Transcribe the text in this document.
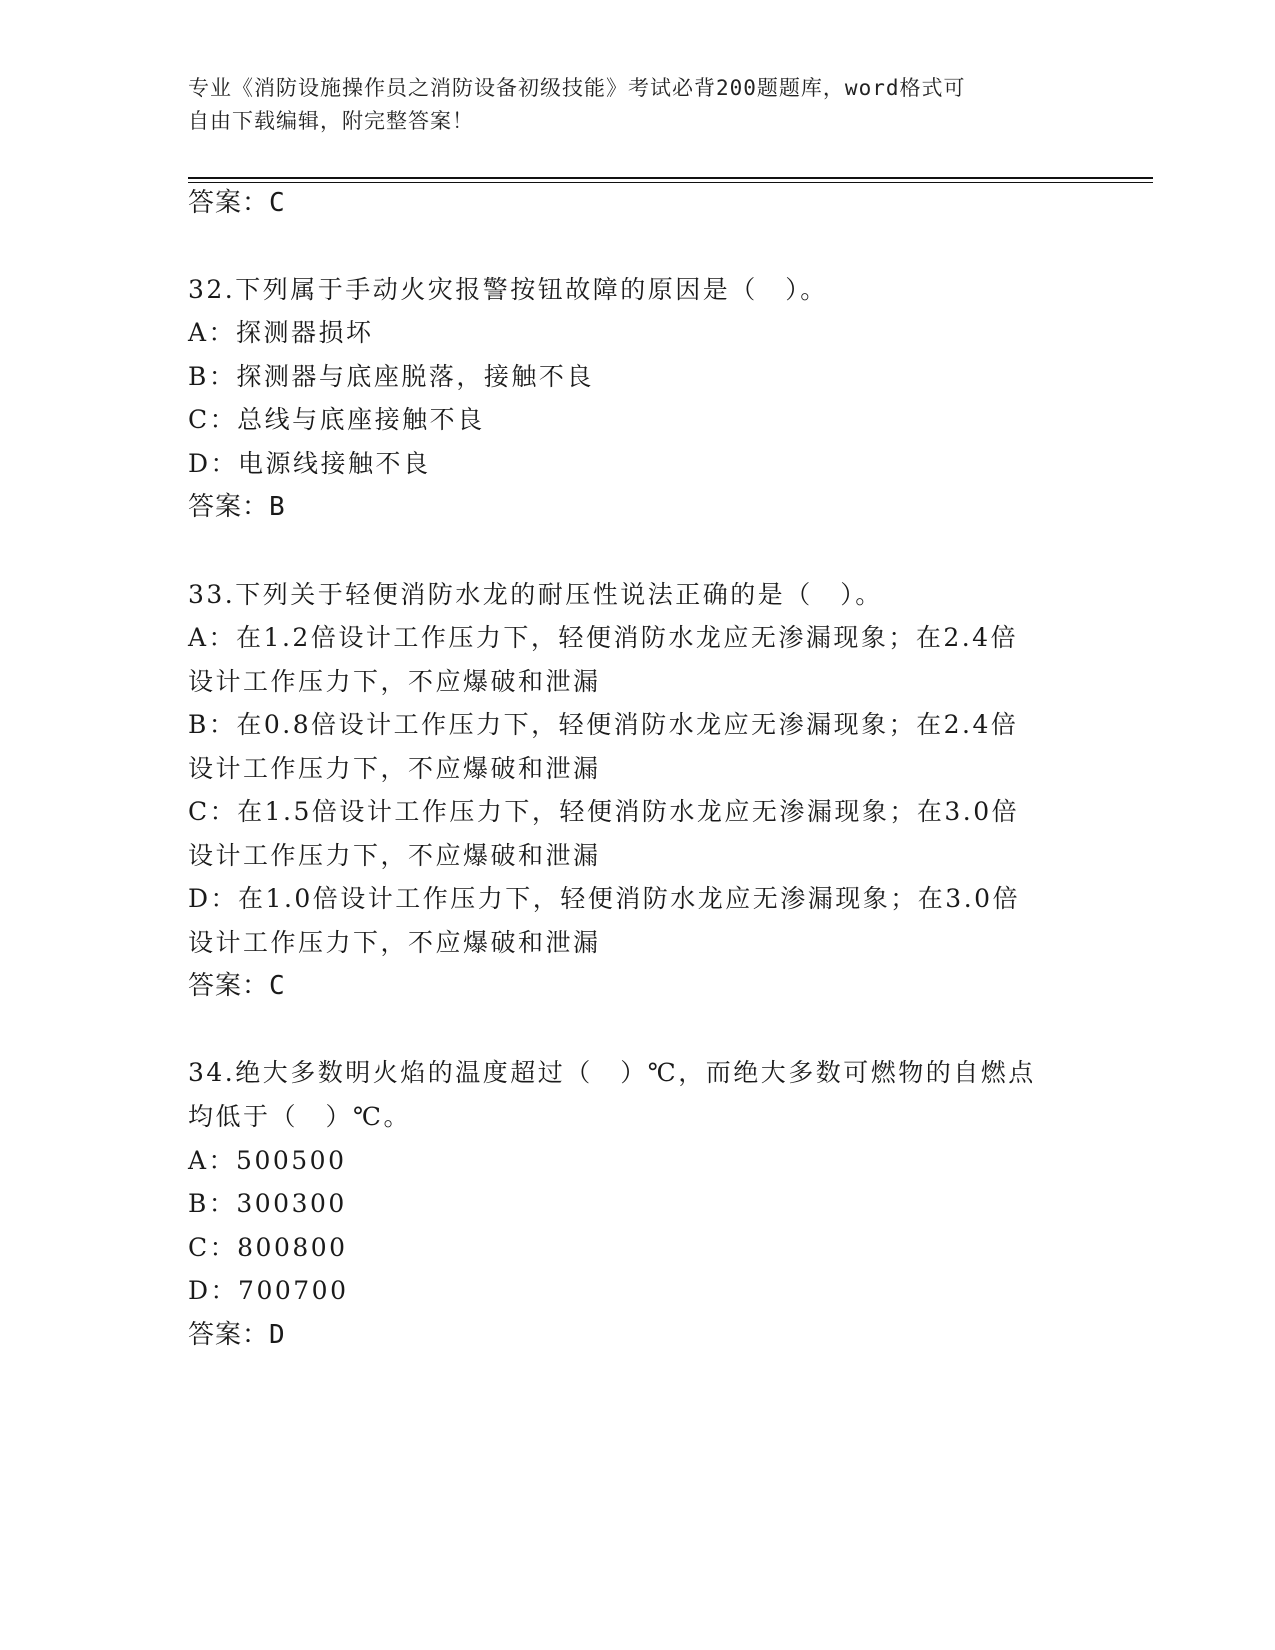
专业《消防设施操作员之消防设备初级技能》考试必背200题题库，word格式可
自由下载编辑，附完整答案！
答案：C
32.下列属于手动火灾报警按钮故障的原因是（　）。
A：探测器损坏
B：探测器与底座脱落，接触不良
C：总线与底座接触不良
D：电源线接触不良
答案：B
33.下列关于轻便消防水龙的耐压性说法正确的是（　）。
A：在1.2倍设计工作压力下，轻便消防水龙应无渗漏现象；在2.4倍
设计工作压力下，不应爆破和泄漏
B：在0.8倍设计工作压力下，轻便消防水龙应无渗漏现象；在2.4倍
设计工作压力下，不应爆破和泄漏
C：在1.5倍设计工作压力下，轻便消防水龙应无渗漏现象；在3.0倍
设计工作压力下，不应爆破和泄漏
D：在1.0倍设计工作压力下，轻便消防水龙应无渗漏现象；在3.0倍
设计工作压力下，不应爆破和泄漏
答案：C
34.绝大多数明火焰的温度超过（　）℃，而绝大多数可燃物的自燃点
均低于（　）℃。
A：500500
B：300300
C：800800
D：700700
答案：D
